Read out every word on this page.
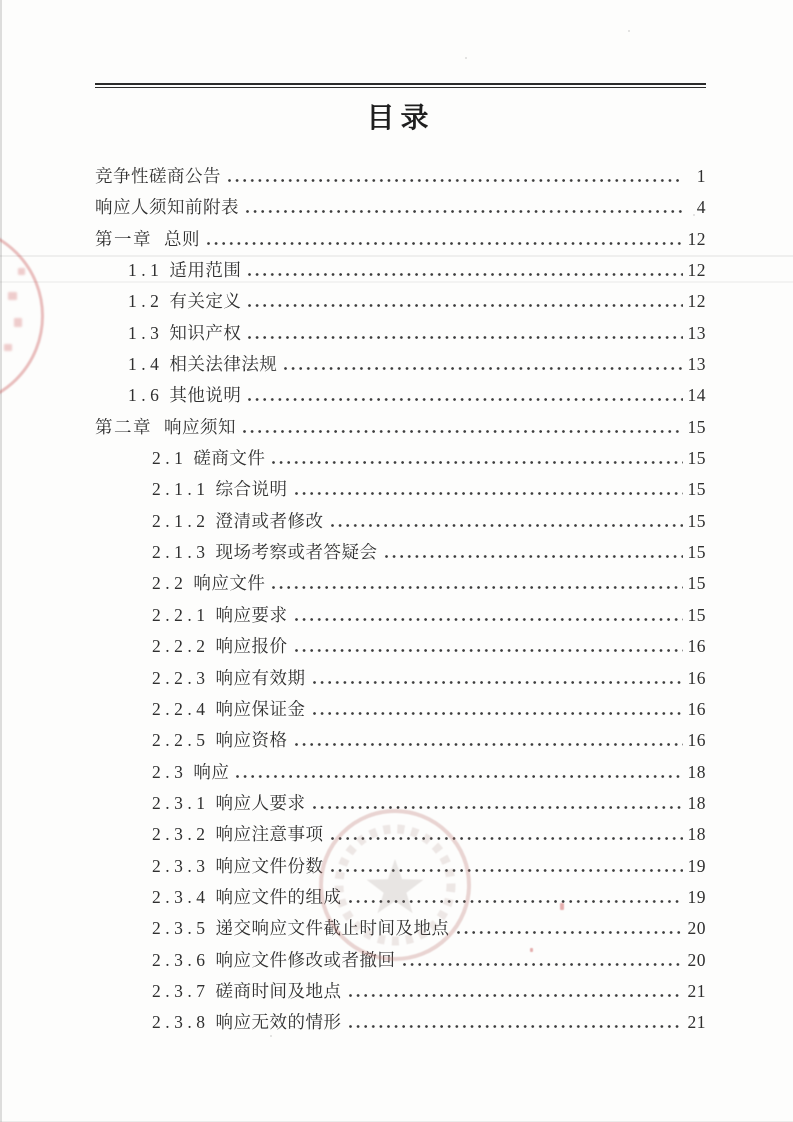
目录
竞争性磋商公告	1
响应人须知前附表	4
第一章 总则	12
1.1 适用范围	12
1.2 有关定义	12
1.3 知识产权	13
1.4 相关法律法规	13
1.6 其他说明	14
第二章 响应须知	15
2.1 磋商文件	15
2.1.1 综合说明	15
2.1.2 澄清或者修改	15
2.1.3 现场考察或者答疑会	15
2.2 响应文件	15
2.2.1 响应要求	15
2.2.2 响应报价	16
2.2.3 响应有效期	16
2.2.4 响应保证金	16
2.2.5 响应资格	16
2.3 响应	18
2.3.1 响应人要求	18
2.3.2 响应注意事项	18
2.3.3 响应文件份数	19
2.3.4 响应文件的组成	19
2.3.5 递交响应文件截止时间及地点	20
2.3.6 响应文件修改或者撤回	20
2.3.7 磋商时间及地点	21
2.3.8 响应无效的情形	21
